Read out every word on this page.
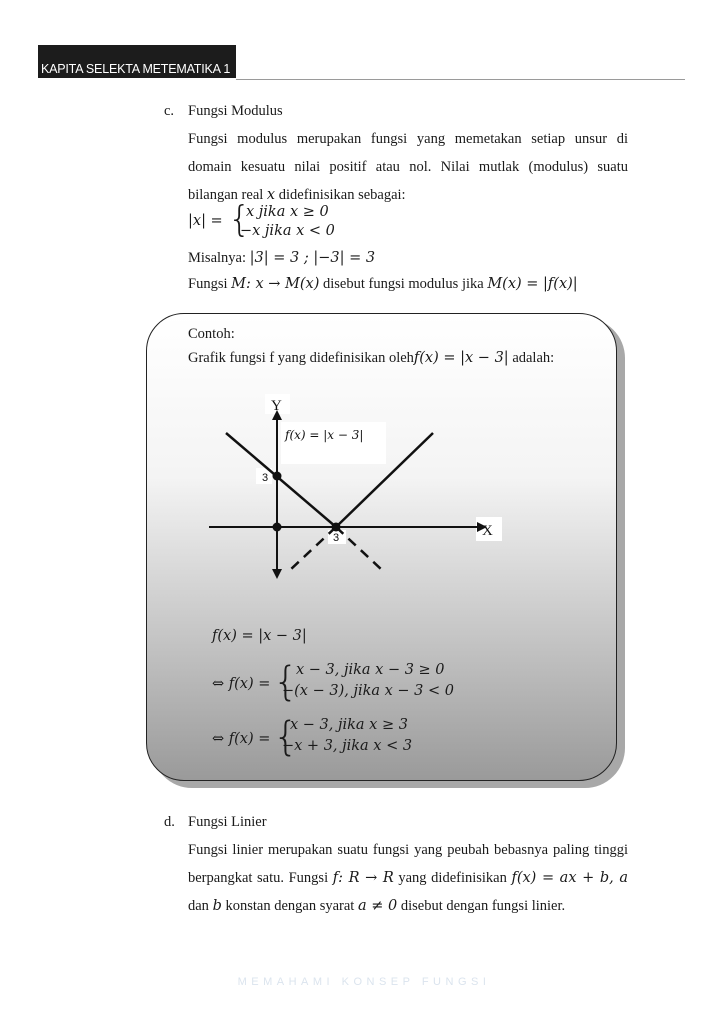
KAPITA SELEKTA METEMATIKA 1
c. Fungsi Modulus
Fungsi modulus merupakan fungsi yang memetakan setiap unsur di
domain kesuatu nilai positif atau nol. Nilai mutlak (modulus) suatu
bilangan real x didefinisikan sebagai:
|x| = {
x jika x ≥ 0
−x jika x < 0
Misalnya: |3| = 3 ; |−3| = 3
Fungsi M: x → M(x) disebut fungsi modulus jika M(x) = |f(x)|
Contoh:
Grafik fungsi f yang didefinisikan olehf(x) = |x − 3| adalah:
Y
X
f(x) = |x − 3|
3
3
f(x) = |x − 3|
⇔ f(x) = {
x − 3, jika x − 3 ≥ 0
−(x − 3), jika x − 3 < 0
⇔ f(x) = {
x − 3, jika x ≥ 3
−x + 3, jika x < 3
d. Fungsi Linier
Fungsi linier merupakan suatu fungsi yang peubah bebasnya paling tinggi
berpangkat satu. Fungsi f: R → R yang didefinisikan f(x) = ax + b, a
dan b konstan dengan syarat a ≠ 0 disebut dengan fungsi linier.
MEMAHAMI KONSEP FUNGSI
